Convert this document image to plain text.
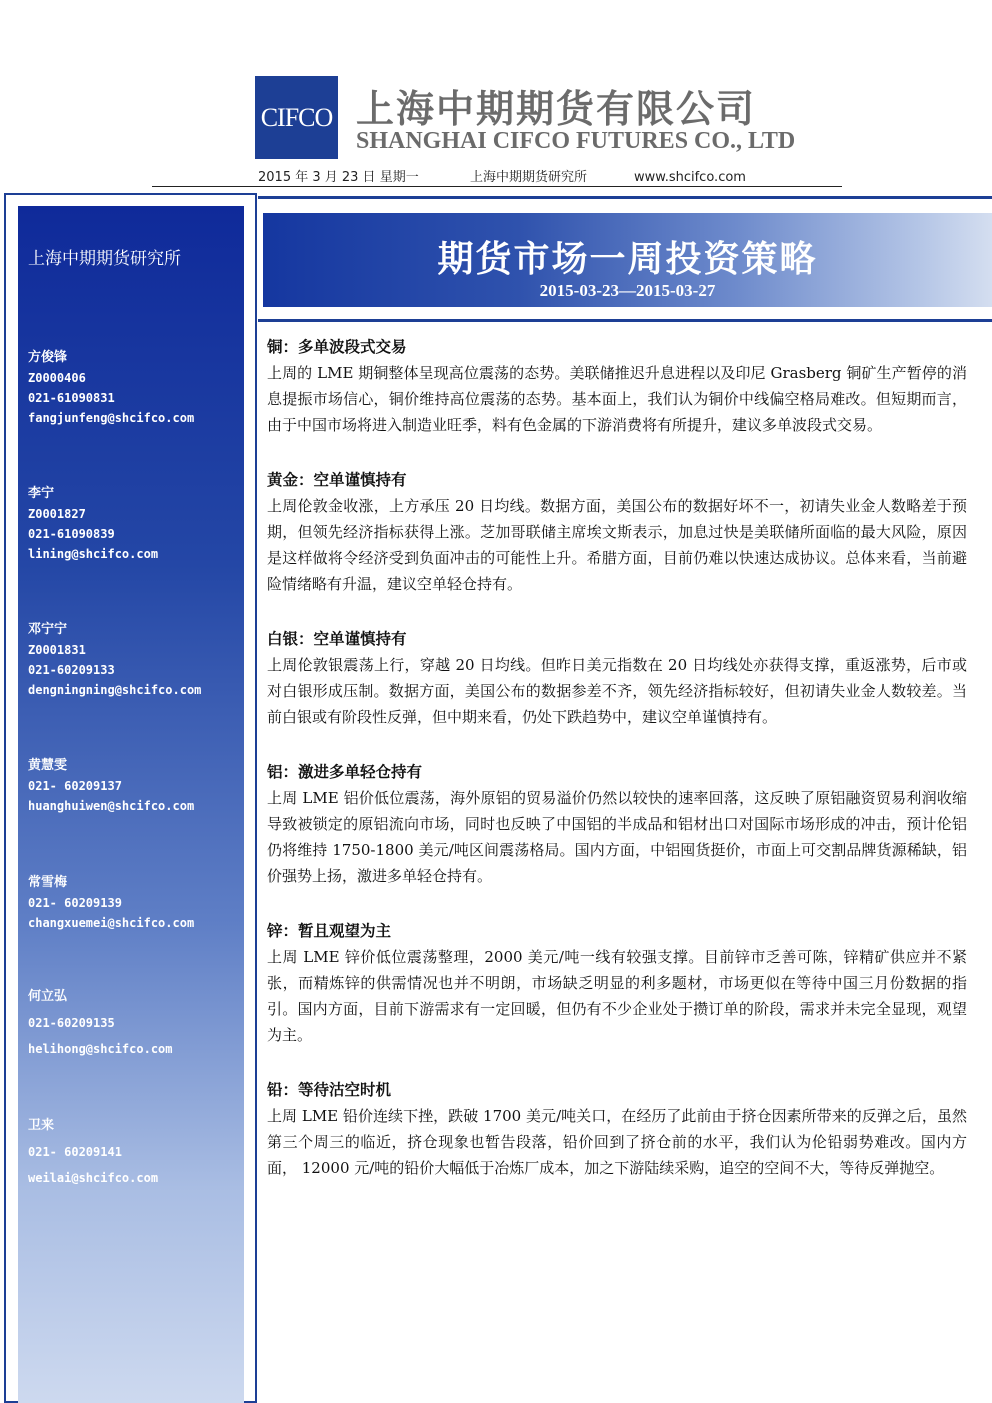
CIFCO 上海中期期货有限公司
SHANGHAI CIFCO FUTURES CO., LTD
2015 年 3 月 23 日 星期一	上海中期期货研究所	www.shcifco.com
上海中期期货研究所
方俊锋
Z0000406
021-61090831
fangjunfeng@shcifco.com
李宁
Z0001827
021-61090839
lining@shcifco.com
邓宁宁
Z0001831
021-60209133
dengningning@shcifco.com
黄慧雯
021- 60209137
huanghuiwen@shcifco.com
常雪梅
021- 60209139
changxuemei@shcifco.com
何立弘
021-60209135
helihong@shcifco.com
卫来
021- 60209141
weilai@shcifco.com
期货市场一周投资策略
2015-03-23—2015-03-27
铜：多单波段式交易
上周的 LME 期铜整体呈现高位震荡的态势。美联储推迟升息进程以及印尼 Grasberg 铜矿生产暂停的消息提振市场信心，铜价维持高位震荡的态势。基本面上，我们认为铜价中线偏空格局难改。但短期而言，由于中国市场将进入制造业旺季，料有色金属的下游消费将有所提升，建议多单波段式交易。
黄金：空单谨慎持有
上周伦敦金收涨，上方承压 20 日均线。数据方面，美国公布的数据好坏不一，初请失业金人数略差于预期，但领先经济指标获得上涨。芝加哥联储主席埃文斯表示，加息过快是美联储所面临的最大风险，原因是这样做将令经济受到负面冲击的可能性上升。希腊方面，目前仍难以快速达成协议。总体来看，当前避险情绪略有升温，建议空单轻仓持有。
白银：空单谨慎持有
上周伦敦银震荡上行，穿越 20 日均线。但昨日美元指数在 20 日均线处亦获得支撑，重返涨势，后市或对白银形成压制。数据方面，美国公布的数据参差不齐，领先经济指标较好，但初请失业金人数较差。当前白银或有阶段性反弹，但中期来看，仍处下跌趋势中，建议空单谨慎持有。
铝：激进多单轻仓持有
上周 LME 铝价低位震荡，海外原铝的贸易溢价仍然以较快的速率回落，这反映了原铝融资贸易利润收缩导致被锁定的原铝流向市场，同时也反映了中国铝的半成品和铝材出口对国际市场形成的冲击，预计伦铝仍将维持 1750-1800 美元/吨区间震荡格局。国内方面，中铝囤货挺价，市面上可交割品牌货源稀缺，铝价强势上扬，激进多单轻仓持有。
锌：暂且观望为主
上周 LME 锌价低位震荡整理，2000 美元/吨一线有较强支撑。目前锌市乏善可陈，锌精矿供应并不紧张，而精炼锌的供需情况也并不明朗，市场缺乏明显的利多题材，市场更似在等待中国三月份数据的指引。国内方面，目前下游需求有一定回暖，但仍有不少企业处于攒订单的阶段，需求并未完全显现，观望为主。
铅：等待沽空时机
上周 LME 铅价连续下挫，跌破 1700 美元/吨关口，在经历了此前由于挤仓因素所带来的反弹之后，虽然第三个周三的临近，挤仓现象也暂告段落，铅价回到了挤仓前的水平，我们认为伦铅弱势难改。国内方面， 12000 元/吨的铅价大幅低于冶炼厂成本，加之下游陆续采购，追空的空间不大，等待反弹抛空。
